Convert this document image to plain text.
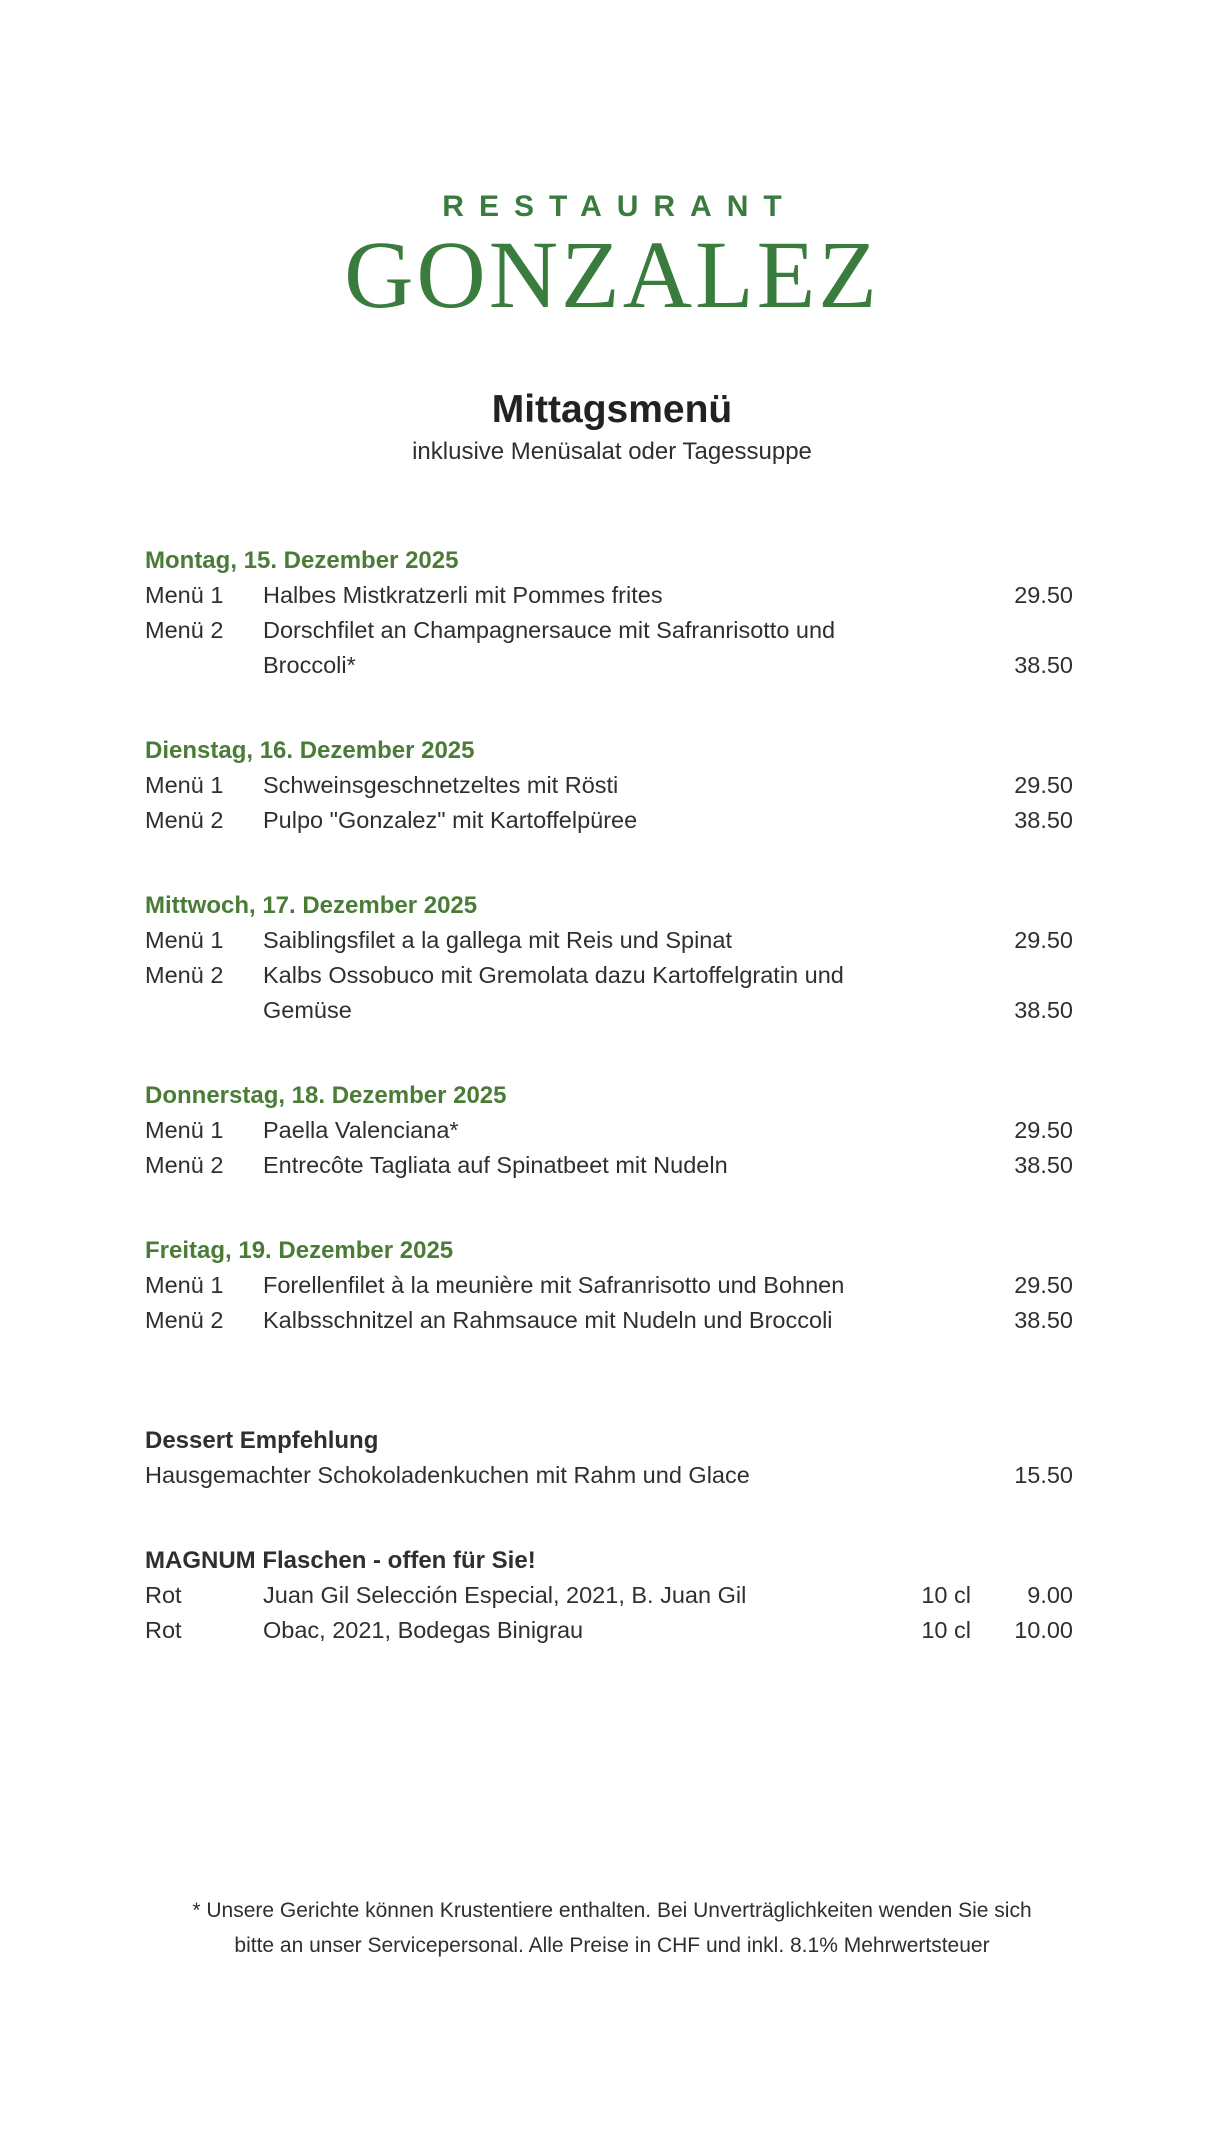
RESTAURANT
GONZALEZ
Mittagsmenü
inklusive Menüsalat oder Tagessuppe
Montag, 15. Dezember 2025
Menü 1	Halbes Mistkratzerli mit Pommes frites	29.50
Menü 2	Dorschfilet an Champagnersauce mit Safranrisotto und
Broccoli*	38.50
Dienstag, 16. Dezember 2025
Menü 1	Schweinsgeschnetzeltes mit Rösti	29.50
Menü 2	Pulpo "Gonzalez" mit Kartoffelpüree	38.50
Mittwoch, 17. Dezember 2025
Menü 1	Saiblingsfilet a la gallega mit Reis und Spinat	29.50
Menü 2	Kalbs Ossobuco mit Gremolata dazu Kartoffelgratin und
Gemüse	38.50
Donnerstag, 18. Dezember 2025
Menü 1	Paella Valenciana*	29.50
Menü 2	Entrecôte Tagliata auf Spinatbeet mit Nudeln	38.50
Freitag, 19. Dezember 2025
Menü 1	Forellenfilet à la meunière mit Safranrisotto und Bohnen	29.50
Menü 2	Kalbsschnitzel an Rahmsauce mit Nudeln und Broccoli	38.50
Dessert Empfehlung
Hausgemachter Schokoladenkuchen mit Rahm und Glace	15.50
MAGNUM Flaschen - offen für Sie!
Rot	Juan Gil Selección Especial, 2021, B. Juan Gil	10 cl	9.00
Rot	Obac, 2021, Bodegas Binigrau	10 cl	10.00
* Unsere Gerichte können Krustentiere enthalten. Bei Unverträglichkeiten wenden Sie sich
bitte an unser Servicepersonal. Alle Preise in CHF und inkl. 8.1% Mehrwertsteuer
